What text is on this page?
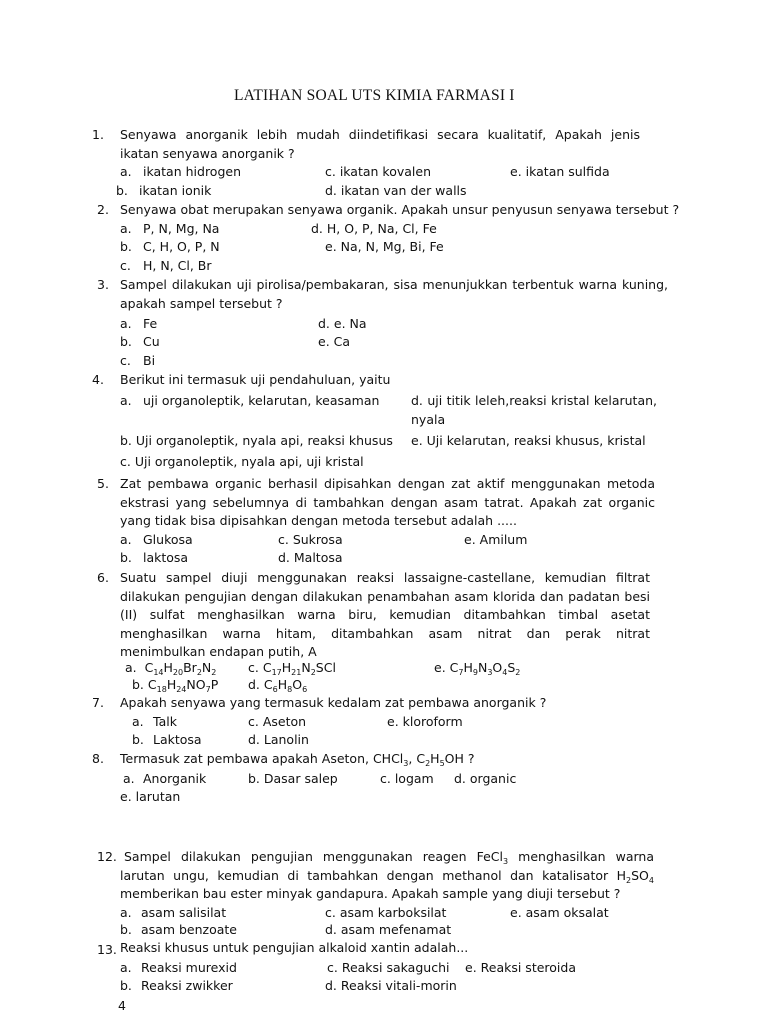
LATIHAN SOAL UTS KIMIA FARMASI I
1. Senyawa anorganik lebih mudah diindetifikasi secara kualitatif, Apakah jenis ikatan senyawa anorganik ?
a. ikatan hidrogen
b. ikatan ionik
c. ikatan kovalen
d. ikatan van der walls
e. ikatan sulfida
2. Senyawa obat merupakan senyawa organik. Apakah unsur penyusun senyawa tersebut ?
a. P, N, Mg, Na
b. C, H, O, P, N
c. H, N, Cl, Br
d. H, O, P, Na, Cl, Fe
e. Na, N, Mg, Bi, Fe
3. Sampel dilakukan uji pirolisa/pembakaran, sisa menunjukkan terbentuk warna kuning, apakah sampel tersebut ?
a. Fe
b. Cu
c. Bi
d. e. Na
e. Ca
4. Berikut ini termasuk uji pendahuluan, yaitu
a. uji organoleptik, kelarutan, keasaman	d. uji titik leleh,reaksi kristal kelarutan, nyala
b. Uji organoleptik, nyala api, reaksi khusus e. Uji kelarutan, reaksi khusus, kristal
c. Uji organoleptik, nyala api, uji kristal
5. Zat pembawa organic berhasil dipisahkan dengan zat aktif menggunakan metoda ekstrasi yang sebelumnya di tambahkan dengan asam tatrat. Apakah zat organic yang tidak bisa dipisahkan dengan metoda tersebut adalah .....
a. Glukosa
b. laktosa
c. Sukrosa
d. Maltosa
e. Amilum
6. Suatu sampel diuji menggunakan reaksi lassaigne-castellane, kemudian filtrat dilakukan pengujian dengan dilakukan penambahan asam klorida dan padatan besi (II) sulfat menghasilkan warna biru, kemudian ditambahkan timbal asetat menghasilkan warna hitam, ditambahkan asam nitrat dan perak nitrat menimbulkan endapan putih, A
a.  $C_{14}H_{20}Br_2N_2$	c. $C_{17}H_{21}N_2SCl$	e. $C_7H_9N_3O_4S_2$
b. $C_{18}H_{24}NO_7P$ d. $C_6H_8O_6$
7. Apakah senyawa yang termasuk kedalam zat pembawa anorganik ?
a. Talk
b. Laktosa
c. Aseton
d. Lanolin
e. kloroform
8. Termasuk zat pembawa apakah Aseton, CHCl$_3$, $C_2H_5OH$ ?
a. Anorganik	b. Dasar salep	c. logam d. organic
e. larutan
12. Sampel dilakukan pengujian menggunakan reagen FeCl$_3$ menghasilkan warna larutan ungu, kemudian di tambahkan dengan methanol dan katalisator $H_2SO_4$ memberikan bau ester minyak gandapura. Apakah sample yang diuji tersebut ?
a. asam salisilat
b. asam benzoate
c. asam karboksilat
d. asam mefenamat
e. asam oksalat
13. Reaksi khusus untuk pengujian alkaloid xantin adalah...
a. Reaksi murexid
b. Reaksi zwikker
c. Reaksi sakaguchi
d. Reaksi vitali-morin
e. Reaksi steroida
4
